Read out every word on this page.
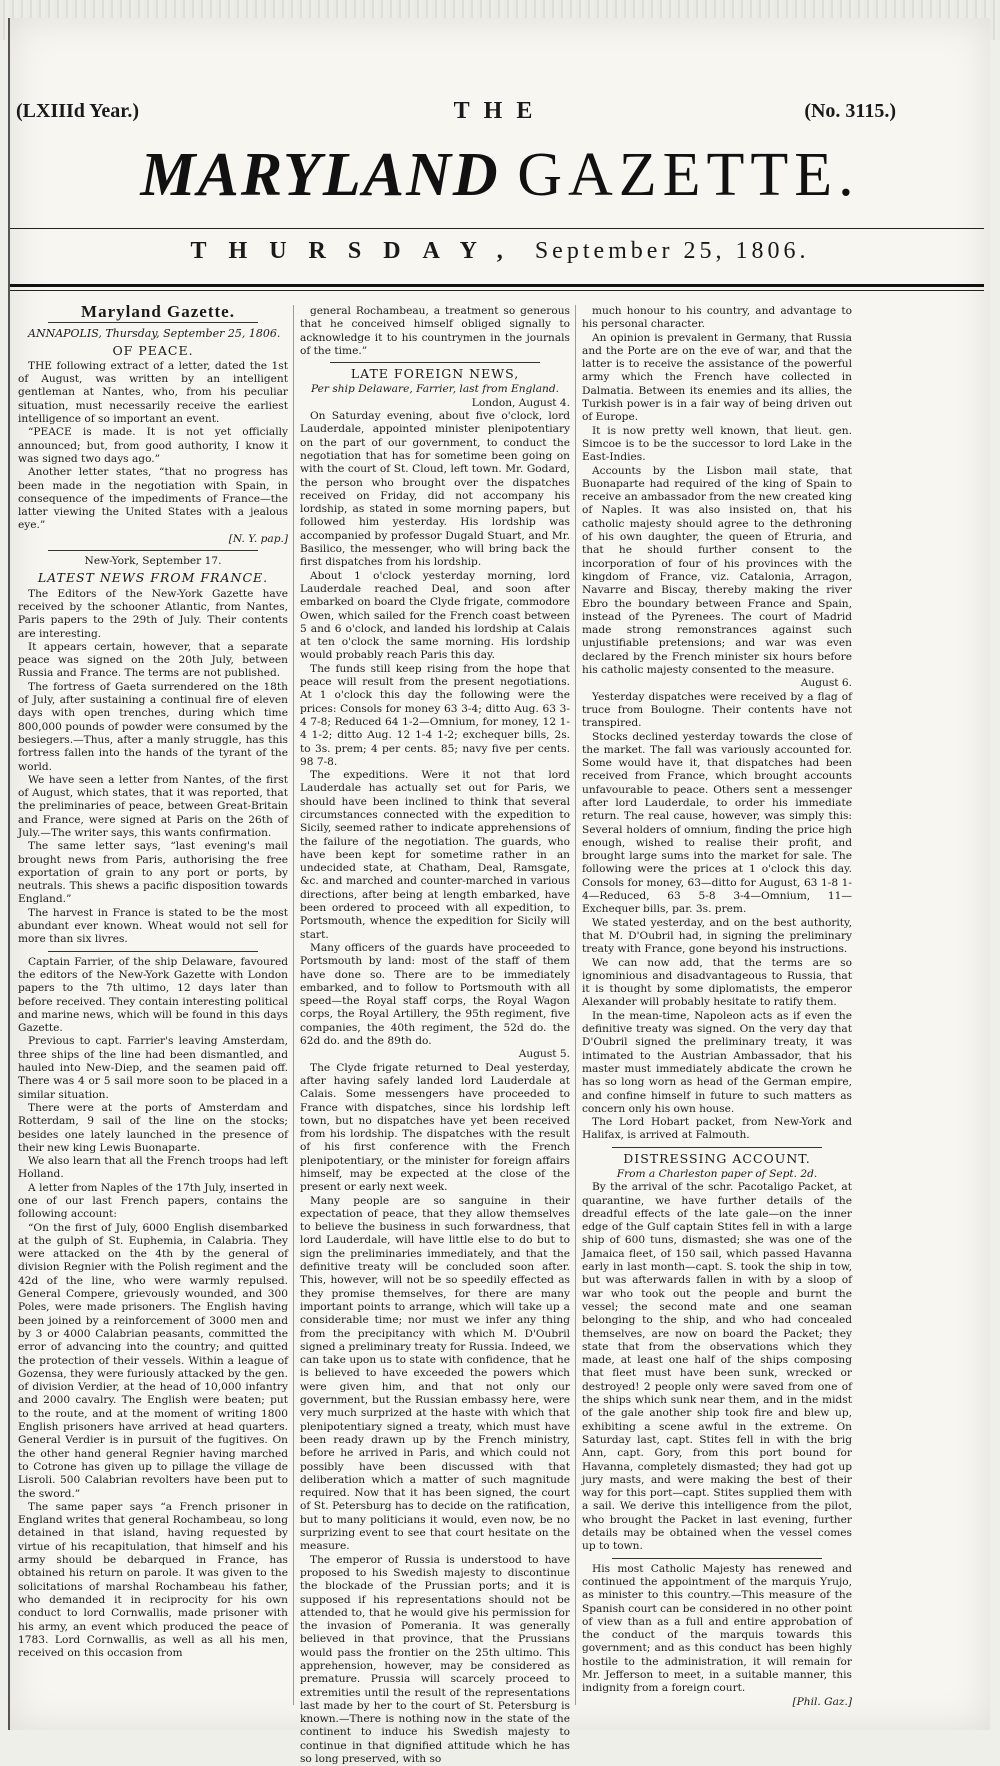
(LXIIId Year.)	THE	(No. 3115.)
MARYLAND GAZETTE.
THURSDAY, September 25, 1806.

Maryland Gazette.

ANNAPOLIS, Thursday, September 25, 1806.

OF PEACE.

THE following extract of a letter, dated the 1st of August, was written by an intelligent gentleman at Nantes, who, from his peculiar situation, must necessarily receive the earliest intelligence of so important an event.

“PEACE is made. It is not yet officially announced; but, from good authority, I know it was signed two days ago.”

Another letter states, “that no progress has been made in the negotiation with Spain, in consequence of the impediments of France—the latter viewing the United States with a jealous eye.”

[N. Y. pap.]

New-York, September 17.

LATEST NEWS FROM FRANCE.

The Editors of the New-York Gazette have received by the schooner Atlantic, from Nantes, Paris papers to the 29th of July. Their contents are interesting.

It appears certain, however, that a separate peace was signed on the 20th July, between Russia and France. The terms are not published.

The fortress of Gaeta surrendered on the 18th of July, after sustaining a continual fire of eleven days with open trenches, during which time 800,000 pounds of powder were consumed by the besiegers.—Thus, after a manly struggle, has this fortress fallen into the hands of the tyrant of the world.

We have seen a letter from Nantes, of the first of August, which states, that it was reported, that the preliminaries of peace, between Great-Britain and France, were signed at Paris on the 26th of July.—The writer says, this wants confirmation.

The same letter says, “last evening's mail brought news from Paris, authorising the free exportation of grain to any port or ports, by neutrals. This shews a pacific disposition towards England.”

The harvest in France is stated to be the most abundant ever known. Wheat would not sell for more than six livres.

Captain Farrier, of the ship Delaware, favoured the editors of the New-York Gazette with London papers to the 7th ultimo, 12 days later than before received. They contain interesting political and marine news, which will be found in this days Gazette.

Previous to capt. Farrier's leaving Amsterdam, three ships of the line had been dismantled, and hauled into New-Diep, and the seamen paid off. There was 4 or 5 sail more soon to be placed in a similar situation.

There were at the ports of Amsterdam and Rotterdam, 9 sail of the line on the stocks; besides one lately launched in the presence of their new king Lewis Buonaparte.

We also learn that all the French troops had left Holland.

A letter from Naples of the 17th July, inserted in one of our last French papers, contains the following account:

“On the first of July, 6000 English disembarked at the gulph of St. Euphemia, in Calabria. They were attacked on the 4th by the general of division Regnier with the Polish regiment and the 42d of the line, who were warmly repulsed. General Compere, grievously wounded, and 300 Poles, were made prisoners. The English having been joined by a reinforcement of 3000 men and by 3 or 4000 Calabrian peasants, committed the error of advancing into the country; and quitted the protection of their vessels. Within a league of Gozensa, they were furiously attacked by the gen. of division Verdier, at the head of 10,000 infantry and 2000 cavalry. The English were beaten; put to the route, and at the moment of writing 1800 English prisoners have arrived at head quarters. General Verdier is in pursuit of the fugitives. On the other hand general Regnier having marched to Cotrone has given up to pillage the village de Lisroli. 500 Calabrian revolters have been put to the sword.”

The same paper says “a French prisoner in England writes that general Rochambeau, so long detained in that island, having requested by virtue of his recapitulation, that himself and his army should be debarqued in France, has obtained his return on parole. It was given to the solicitations of marshal Rochambeau his father, who demanded it in reciprocity for his own conduct to lord Cornwallis, made prisoner with his army, an event which produced the peace of 1783. Lord Cornwallis, as well as all his men, received on this occasion from

general Rochambeau, a treatment so generous that he conceived himself obliged signally to acknowledge it to his countrymen in the journals of the time.”

LATE FOREIGN NEWS,

Per ship Delaware, Farrier, last from England.

London, August 4.

On Saturday evening, about five o'clock, lord Lauderdale, appointed minister plenipotentiary on the part of our government, to conduct the negotiation that has for sometime been going on with the court of St. Cloud, left town. Mr. Godard, the person who brought over the dispatches received on Friday, did not accompany his lordship, as stated in some morning papers, but followed him yesterday. His lordship was accompanied by professor Dugald Stuart, and Mr. Basilico, the messenger, who will bring back the first dispatches from his lordship.

About 1 o'clock yesterday morning, lord Lauderdale reached Deal, and soon after embarked on board the Clyde frigate, commodore Owen, which sailed for the French coast between 5 and 6 o'clock, and landed his lordship at Calais at ten o'clock the same morning. His lordship would probably reach Paris this day.

The funds still keep rising from the hope that peace will result from the present negotiations. At 1 o'clock this day the following were the prices: Consols for money 63 3-4; ditto Aug. 63 3-4 7-8; Reduced 64 1-2—Omnium, for money, 12 1-4 1-2; ditto Aug. 12 1-4 1-2; exchequer bills, 2s. to 3s. prem; 4 per cents. 85; navy five per cents. 98 7-8.

The expeditions. Were it not that lord Lauderdale has actually set out for Paris, we should have been inclined to think that several circumstances connected with the expedition to Sicily, seemed rather to indicate apprehensions of the failure of the negotiation. The guards, who have been kept for sometime rather in an undecided state, at Chatham, Deal, Ramsgate, &c. and marched and counter-marched in various directions, after being at length embarked, have been ordered to proceed with all expedition, to Portsmouth, whence the expedition for Sicily will start.

Many officers of the guards have proceeded to Portsmouth by land: most of the staff of them have done so. There are to be immediately embarked, and to follow to Portsmouth with all speed—the Royal staff corps, the Royal Wagon corps, the Royal Artillery, the 95th regiment, five companies, the 40th regiment, the 52d do. the 62d do. and the 89th do.

August 5.

The Clyde frigate returned to Deal yesterday, after having safely landed lord Lauderdale at Calais. Some messengers have proceeded to France with dispatches, since his lordship left town, but no dispatches have yet been received from his lordship. The dispatches with the result of his first conference with the French plenipotentiary, or the minister for foreign affairs himself, may be expected at the close of the present or early next week.

Many people are so sanguine in their expectation of peace, that they allow themselves to believe the business in such forwardness, that lord Lauderdale, will have little else to do but to sign the preliminaries immediately, and that the definitive treaty will be concluded soon after. This, however, will not be so speedily effected as they promise themselves, for there are many important points to arrange, which will take up a considerable time; nor must we infer any thing from the precipitancy with which M. D'Oubril signed a preliminary treaty for Russia. Indeed, we can take upon us to state with confidence, that he is believed to have exceeded the powers which were given him, and that not only our government, but the Russian embassy here, were very much surprized at the haste with which that plenipotentiary signed a treaty, which must have been ready drawn up by the French ministry, before he arrived in Paris, and which could not possibly have been discussed with that deliberation which a matter of such magnitude required. Now that it has been signed, the court of St. Petersburg has to decide on the ratification, but to many politicians it would, even now, be no surprizing event to see that court hesitate on the measure.

The emperor of Russia is understood to have proposed to his Swedish majesty to discontinue the blockade of the Prussian ports; and it is supposed if his representations should not be attended to, that he would give his permission for the invasion of Pomerania. It was generally believed in that province, that the Prussians would pass the frontier on the 25th ultimo. This apprehension, however, may be considered as premature. Prussia will scarcely proceed to extremities until the result of the representations last made by her to the court of St. Petersburg is known.—There is nothing now in the state of the continent to induce his Swedish majesty to continue in that dignified attitude which he has so long preserved, with so

much honour to his country, and advantage to his personal character.

An opinion is prevalent in Germany, that Russia and the Porte are on the eve of war, and that the latter is to receive the assistance of the powerful army which the French have collected in Dalmatia. Between its enemies and its allies, the Turkish power is in a fair way of being driven out of Europe.

It is now pretty well known, that lieut. gen. Simcoe is to be the successor to lord Lake in the East-Indies.

Accounts by the Lisbon mail state, that Buonaparte had required of the king of Spain to receive an ambassador from the new created king of Naples. It was also insisted on, that his catholic majesty should agree to the dethroning of his own daughter, the queen of Etruria, and that he should further consent to the incorporation of four of his provinces with the kingdom of France, viz. Catalonia, Arragon, Navarre and Biscay, thereby making the river Ebro the boundary between France and Spain, instead of the Pyrenees. The court of Madrid made strong remonstrances against such unjustifiable pretensions; and war was even declared by the French minister six hours before his catholic majesty consented to the measure.

August 6.

Yesterday dispatches were received by a flag of truce from Boulogne. Their contents have not transpired.

Stocks declined yesterday towards the close of the market. The fall was variously accounted for. Some would have it, that dispatches had been received from France, which brought accounts unfavourable to peace. Others sent a messenger after lord Lauderdale, to order his immediate return. The real cause, however, was simply this: Several holders of omnium, finding the price high enough, wished to realise their profit, and brought large sums into the market for sale. The following were the prices at 1 o'clock this day. Consols for money, 63—ditto for August, 63 1-8 1-4—Reduced, 63 5-8 3-4—Omnium, 11—Exchequer bills, par. 3s. prem.

We stated yesterday, and on the best authority, that M. D'Oubril had, in signing the preliminary treaty with France, gone beyond his instructions.

We can now add, that the terms are so ignominious and disadvantageous to Russia, that it is thought by some diplomatists, the emperor Alexander will probably hesitate to ratify them.

In the mean-time, Napoleon acts as if even the definitive treaty was signed. On the very day that D'Oubril signed the preliminary treaty, it was intimated to the Austrian Ambassador, that his master must immediately abdicate the crown he has so long worn as head of the German empire, and confine himself in future to such matters as concern only his own house.

The Lord Hobart packet, from New-York and Halifax, is arrived at Falmouth.

DISTRESSING ACCOUNT.

From a Charleston paper of Sept. 2d.

By the arrival of the schr. Pacotaligo Packet, at quarantine, we have further details of the dreadful effects of the late gale—on the inner edge of the Gulf captain Stites fell in with a large ship of 600 tuns, dismasted; she was one of the Jamaica fleet, of 150 sail, which passed Havanna early in last month—capt. S. took the ship in tow, but was afterwards fallen in with by a sloop of war who took out the people and burnt the vessel; the second mate and one seaman belonging to the ship, and who had concealed themselves, are now on board the Packet; they state that from the observations which they made, at least one half of the ships composing that fleet must have been sunk, wrecked or destroyed! 2 people only were saved from one of the ships which sunk near them, and in the midst of the gale another ship took fire and blew up, exhibiting a scene awful in the extreme. On Saturday last, capt. Stites fell in with the brig Ann, capt. Gory, from this port bound for Havanna, completely dismasted; they had got up jury masts, and were making the best of their way for this port—capt. Stites supplied them with a sail. We derive this intelligence from the pilot, who brought the Packet in last evening, further details may be obtained when the vessel comes up to town.

His most Catholic Majesty has renewed and continued the appointment of the marquis Yrujo, as minister to this country.—This measure of the Spanish court can be considered in no other point of view than as a full and entire approbation of the conduct of the marquis towards this government; and as this conduct has been highly hostile to the administration, it will remain for Mr. Jefferson to meet, in a suitable manner, this indignity from a foreign court.

[Phil. Gaz.]
